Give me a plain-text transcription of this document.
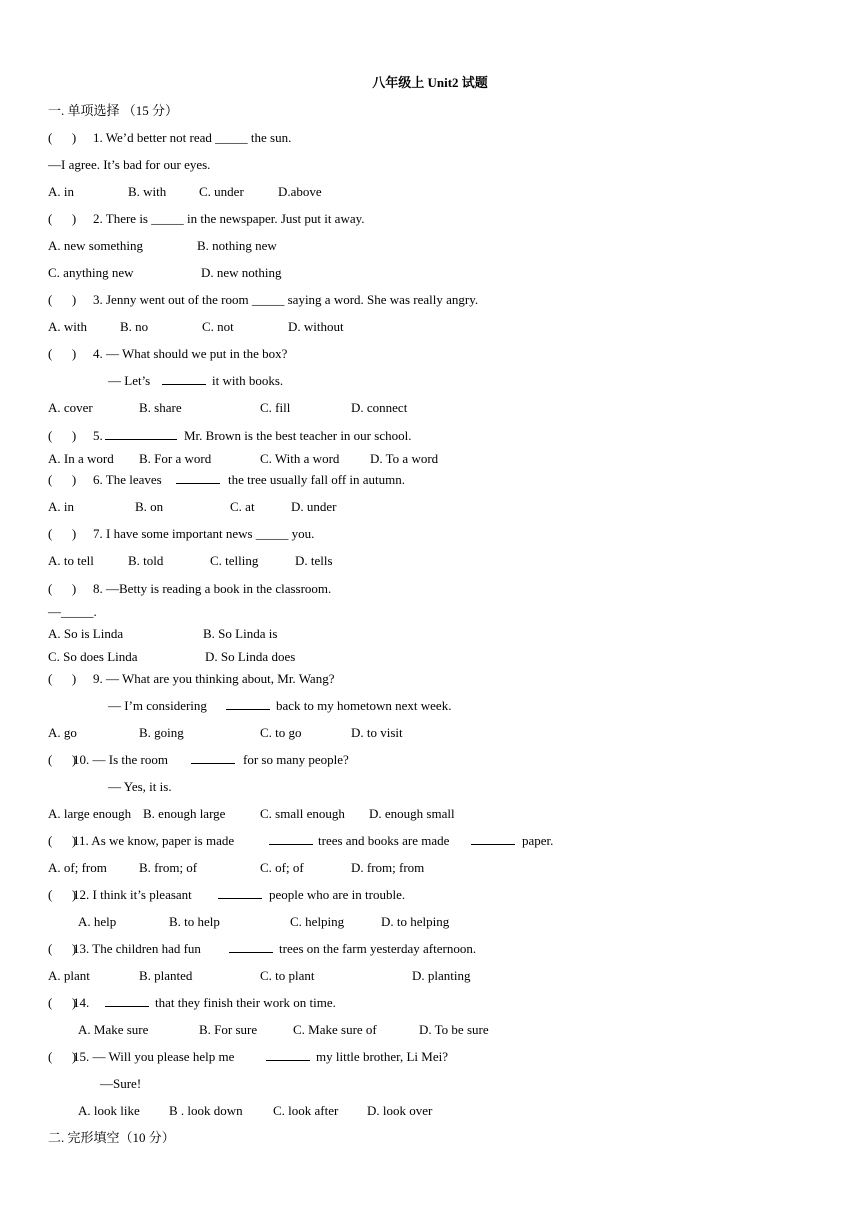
八年级上 Unit2 试题
一. 单项选择 （15 分）

(      )

1. We’d better not read _____ the sun.

—I agree. It’s bad for our eyes.

A. in

	B. with

	C. under

	D.above

(      )

2. There is _____ in the newspaper. Just put it away.

A. new something

	B. nothing new

C. anything new

	D. new nothing

(      )

3. Jenny went out of the room _____ saying a word. She was really angry.

A. with

	B. no

	C. not

	D. without

(      )

4. — What should we put in the box?

— Let’s

	it with books.

A. cover

	B. share

	C. fill

	D. connect

(      )

5.

	Mr. Brown is the best teacher in our school.

A. In a word

B. For a word

	C. With a word

D. To a word

(      )

6. The leaves

	the tree usually fall off in autumn.

A. in

	B. on

	C. at

	D. under

(      )

7. I have some important news _____ you.

A. to tell

	B. told

	C. telling

	D. tells

(      )

8. —Betty is reading a book in the classroom.

—_____.

A. So is Linda

	B. So Linda is

C. So does Linda

	D. So Linda does

(      )

9. — What are you thinking about, Mr. Wang?

— I’m considering

	back to my hometown next week.

A. go

	B. going

	C. to go

	D. to visit

(      )

10. — Is the room

	for so many people?

— Yes, it is.

A. large enough

B. enough large

	C. small enough

D. enough small

(      )

11. As we know, paper is made

	trees and books are made

	paper.

A. of; from

B. from; of

	C. of; of

	D. from; from

(      )

12. I think it’s pleasant

	people who are in trouble.

A. help

	B. to help

	C. helping

	D. to helping

(      )

13. The children had fun

	trees on the farm yesterday afternoon.

A. plant

	B. planted

	C. to plant

	D. planting

(      )

14.

	that they finish their work on time.

A. Make sure

	B. For sure

	C. Make sure of

	D. To be sure

(      )

15. — Will you please help me

	my little brother, Li Mei?

—Sure!

A. look like

B . look down

C. look after

D. look over

二. 完形填空（10 分）
